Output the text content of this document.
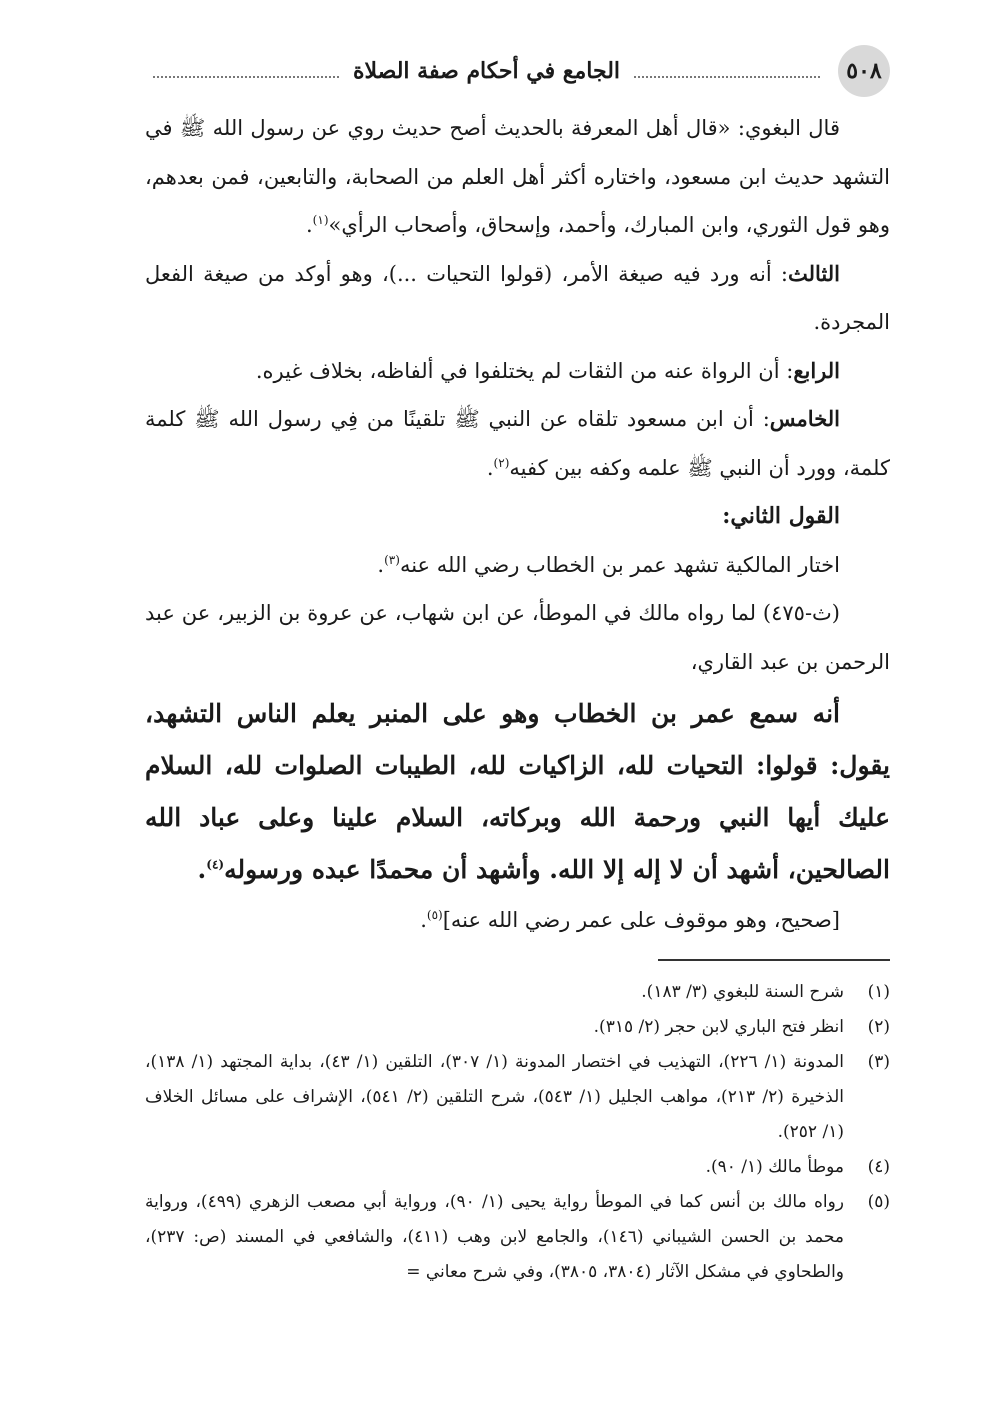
٥٠٨
الجامع في أحكام صفة الصلاة

قال البغوي: «قال أهل المعرفة بالحديث أصح حديث روي عن رسول الله ﷺ في التشهد حديث ابن مسعود، واختاره أكثر أهل العلم من الصحابة، والتابعين، فمن بعدهم، وهو قول الثوري، وابن المبارك، وأحمد، وإسحاق، وأصحاب الرأي»$^{(١)}$.

الثالث: أنه ورد فيه صيغة الأمر، (قولوا التحيات ...)، وهو أوكد من صيغة الفعل المجردة.

الرابع: أن الرواة عنه من الثقات لم يختلفوا في ألفاظه، بخلاف غيره.

الخامس: أن ابن مسعود تلقاه عن النبي ﷺ تلقينًا من فِي رسول الله ﷺ كلمة كلمة، وورد أن النبي ﷺ علمه وكفه بين كفيه$^{(٢)}$.

القول الثاني:

اختار المالكية تشهد عمر بن الخطاب رضي الله عنه$^{(٣)}$.

(ث-٤٧٥) لما رواه مالك في الموطأ، عن ابن شهاب، عن عروة بن الزبير، عن عبد الرحمن بن عبد القاري،

أنه سمع عمر بن الخطاب وهو على المنبر يعلم الناس التشهد، يقول: قولوا: التحيات لله، الزاكيات لله، الطيبات الصلوات لله، السلام عليك أيها النبي ورحمة الله وبركاته، السلام علينا وعلى عباد الله الصالحين، أشهد أن لا إله إلا الله. وأشهد أن محمدًا عبده ورسوله$^{(٤)}$.

[صحيح، وهو موقوف على عمر رضي الله عنه]$^{(٥)}$.

(١)
شرح السنة للبغوي (٣/ ١٨٣).
(٢)
انظر فتح الباري لابن حجر (٢/ ٣١٥).
(٣)
المدونة (١/ ٢٢٦)، التهذيب في اختصار المدونة (١/ ٣٠٧)، التلقين (١/ ٤٣)، بداية المجتهد (١/ ١٣٨)، الذخيرة (٢/ ٢١٣)، مواهب الجليل (١/ ٥٤٣)، شرح التلقين (٢/ ٥٤١)، الإشراف على مسائل الخلاف (١/ ٢٥٢).
(٤)
موطأ مالك (١/ ٩٠).
(٥)
رواه مالك بن أنس كما في الموطأ رواية يحيى (١/ ٩٠)، ورواية أبي مصعب الزهري (٤٩٩)، ورواية محمد بن الحسن الشيباني (١٤٦)، والجامع لابن وهب (٤١١)، والشافعي في المسند (ص: ٢٣٧)، والطحاوي في مشكل الآثار (٣٨٠٤، ٣٨٠٥)، وفي شرح معاني =
